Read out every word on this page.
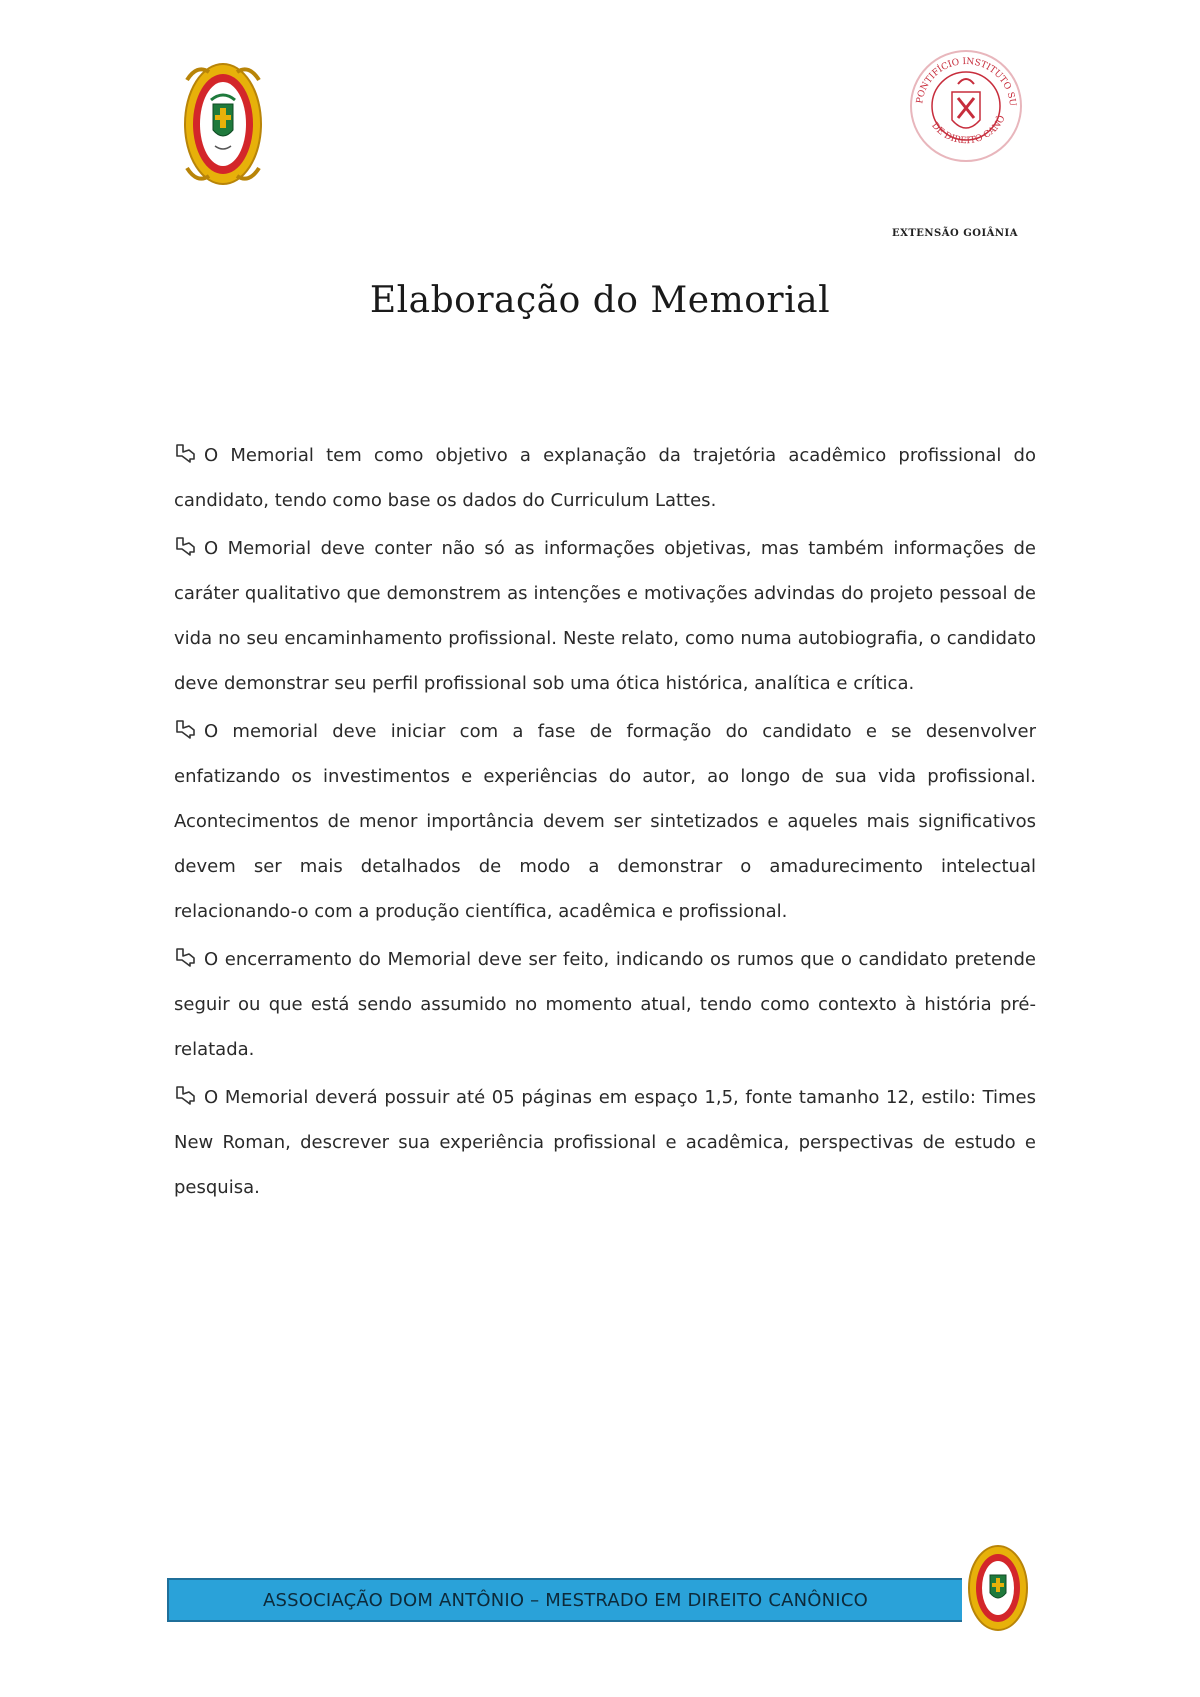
PONTIFÍCIO INSTITUTO SU
DE DIREITO CANÔ
EXTENSÃO GOIÂNIA
Elaboração do Memorial

O Memorial tem como objetivo a explanação da trajetória acadêmico profissional do candidato, tendo como base os dados do Curriculum Lattes.

O Memorial deve conter não só as informações objetivas, mas também informações de caráter qualitativo que demonstrem as intenções e motivações advindas do projeto pessoal de vida no seu encaminhamento profissional. Neste relato, como numa autobiografia, o candidato deve demonstrar seu perfil profissional sob uma ótica histórica, analítica e crítica.

O memorial deve iniciar com a fase de formação do candidato e se desenvolver enfatizando os investimentos e experiências do autor, ao longo de sua vida profissional. Acontecimentos de menor importância devem ser sintetizados e aqueles mais significativos devem ser mais detalhados de modo a demonstrar o amadurecimento intelectual relacionando-o com a produção científica, acadêmica e profissional.

O encerramento do Memorial deve ser feito, indicando os rumos que o candidato pretende seguir ou que está sendo assumido no momento atual, tendo como contexto à história pré-relatada.

O Memorial deverá possuir até 05 páginas em espaço 1,5, fonte tamanho 12, estilo: Times New Roman, descrever sua experiência profissional e acadêmica, perspectivas de estudo e pesquisa.

ASSOCIAÇÃO DOM ANTÔNIO – MESTRADO EM DIREITO CANÔNICO
